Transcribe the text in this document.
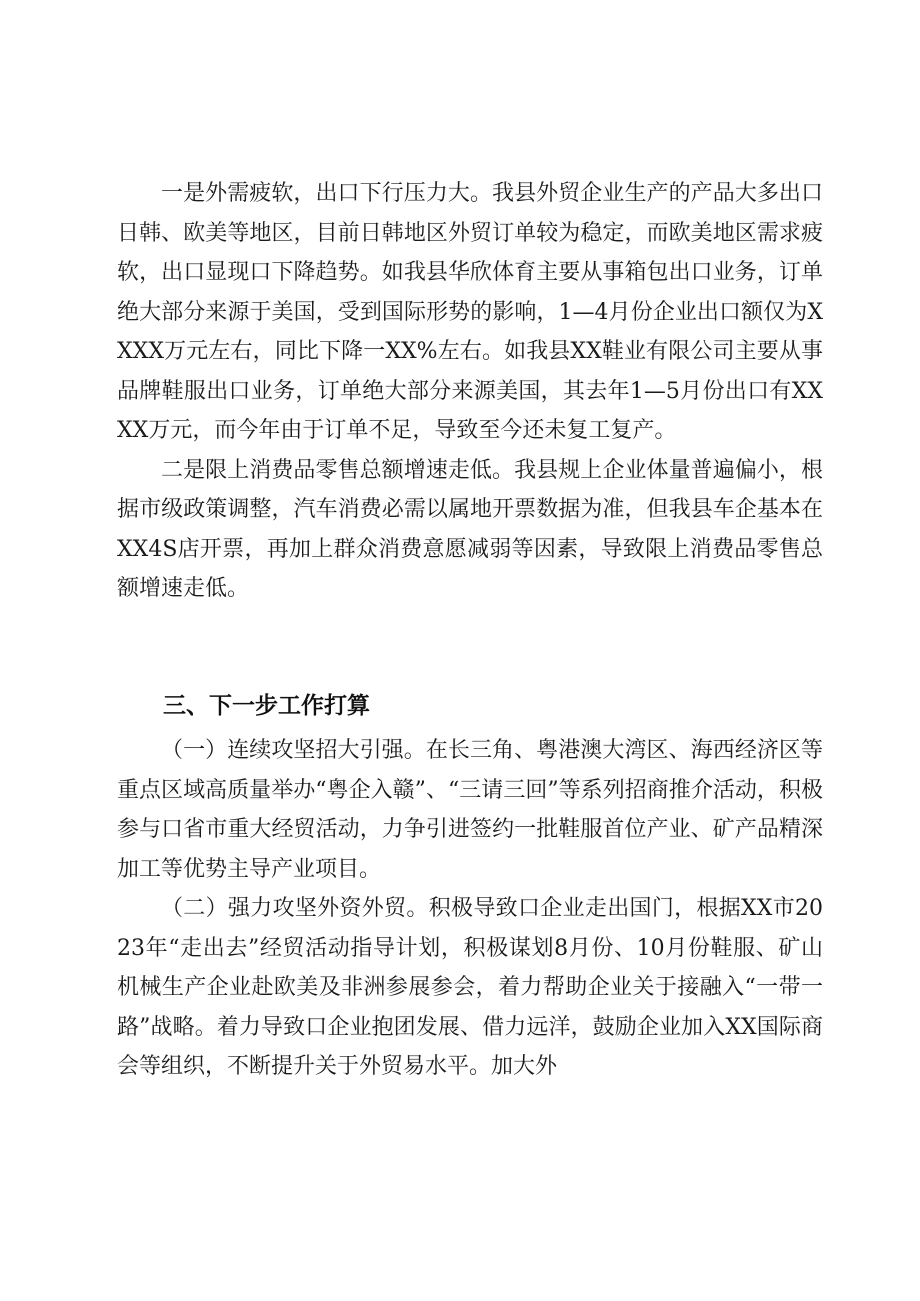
一是外需疲软，出口下行压力大。我县外贸企业生产的产品大多出口日韩、欧美等地区，目前日韩地区外贸订单较为稳定，而欧美地区需求疲软，出口显现口下降趋势。如我县华欣体育主要从事箱包出口业务，订单绝大部分来源于美国，受到国际形势的影响，1—4月份企业出口额仅为XXXX万元左右，同比下降一XX%左右。如我县XX鞋业有限公司主要从事品牌鞋服出口业务，订单绝大部分来源美国，其去年1—5月份出口有XXXX万元，而今年由于订单不足，导致至今还未复工复产。

二是限上消费品零售总额增速走低。我县规上企业体量普遍偏小，根据市级政策调整，汽车消费必需以属地开票数据为准，但我县车企基本在XX4S店开票，再加上群众消费意愿减弱等因素，导致限上消费品零售总额增速走低。

三、下一步工作打算

（一）连续攻坚招大引强。在长三角、粤港澳大湾区、海西经济区等重点区域高质量举办“粤企入赣”、“三请三回”等系列招商推介活动，积极参与口省市重大经贸活动，力争引进签约一批鞋服首位产业、矿产品精深加工等优势主导产业项目。

（二）强力攻坚外资外贸。积极导致口企业走出国门，根据XX市2023年“走出去”经贸活动指导计划，积极谋划8月份、10月份鞋服、矿山机械生产企业赴欧美及非洲参展参会，着力帮助企业关于接融入“一带一路”战略。着力导致口企业抱团发展、借力远洋，鼓励企业加入XX国际商会等组织，不断提升关于外贸易水平。加大外
